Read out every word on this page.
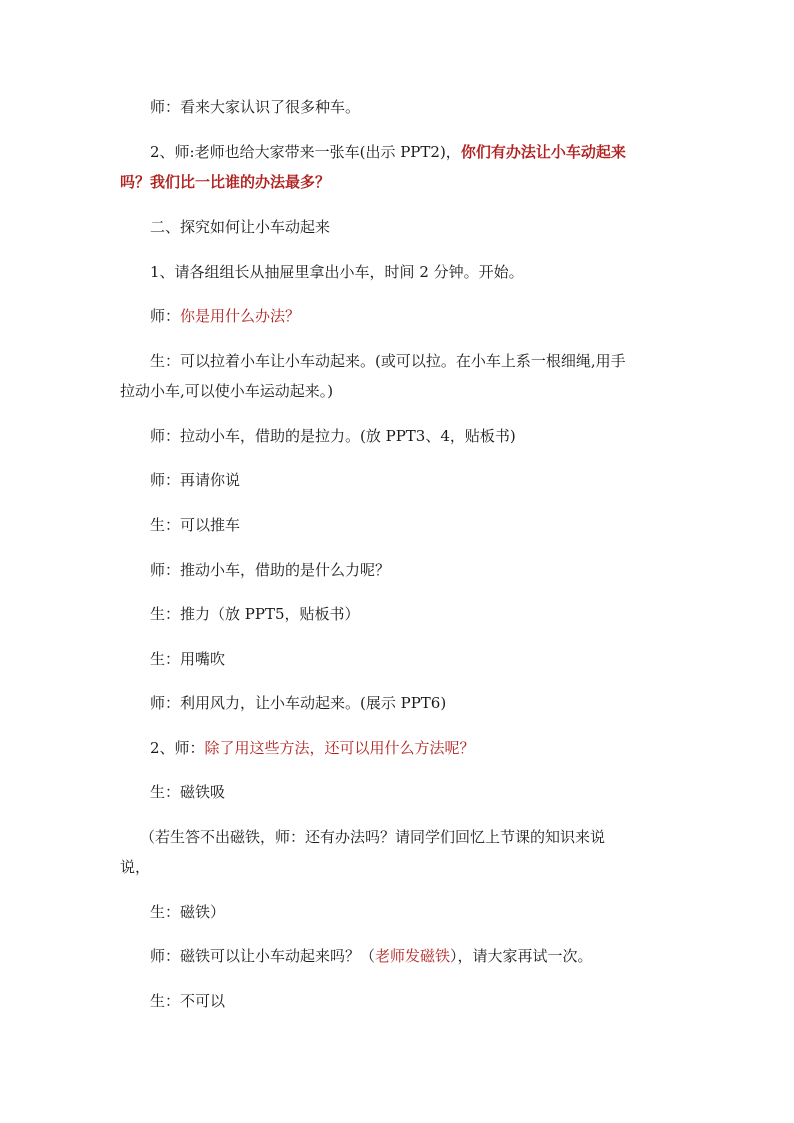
师：看来大家认识了很多种车。
2、师:老师也给大家带来一张车(出示 PPT2)，你们有办法让小车动起来
吗？我们比一比谁的办法最多？
二、探究如何让小车动起来
1、请各组组长从抽屉里拿出小车，时间 2 分钟。开始。
师：你是用什么办法？
生：可以拉着小车让小车动起来。(或可以拉。在小车上系一根细绳,用手
拉动小车,可以使小车运动起来。)
师：拉动小车，借助的是拉力。(放 PPT3、4，贴板书)
师：再请你说
生：可以推车
师：推动小车，借助的是什么力呢？
生：推力（放 PPT5，贴板书）
生：用嘴吹
师：利用风力，让小车动起来。(展示 PPT6)
2、师：除了用这些方法，还可以用什么方法呢？
生：磁铁吸
（若生答不出磁铁，师：还有办法吗？请同学们回忆上节课的知识来说
说，
生：磁铁）
师：磁铁可以让小车动起来吗？（老师发磁铁），请大家再试一次。
生：不可以
